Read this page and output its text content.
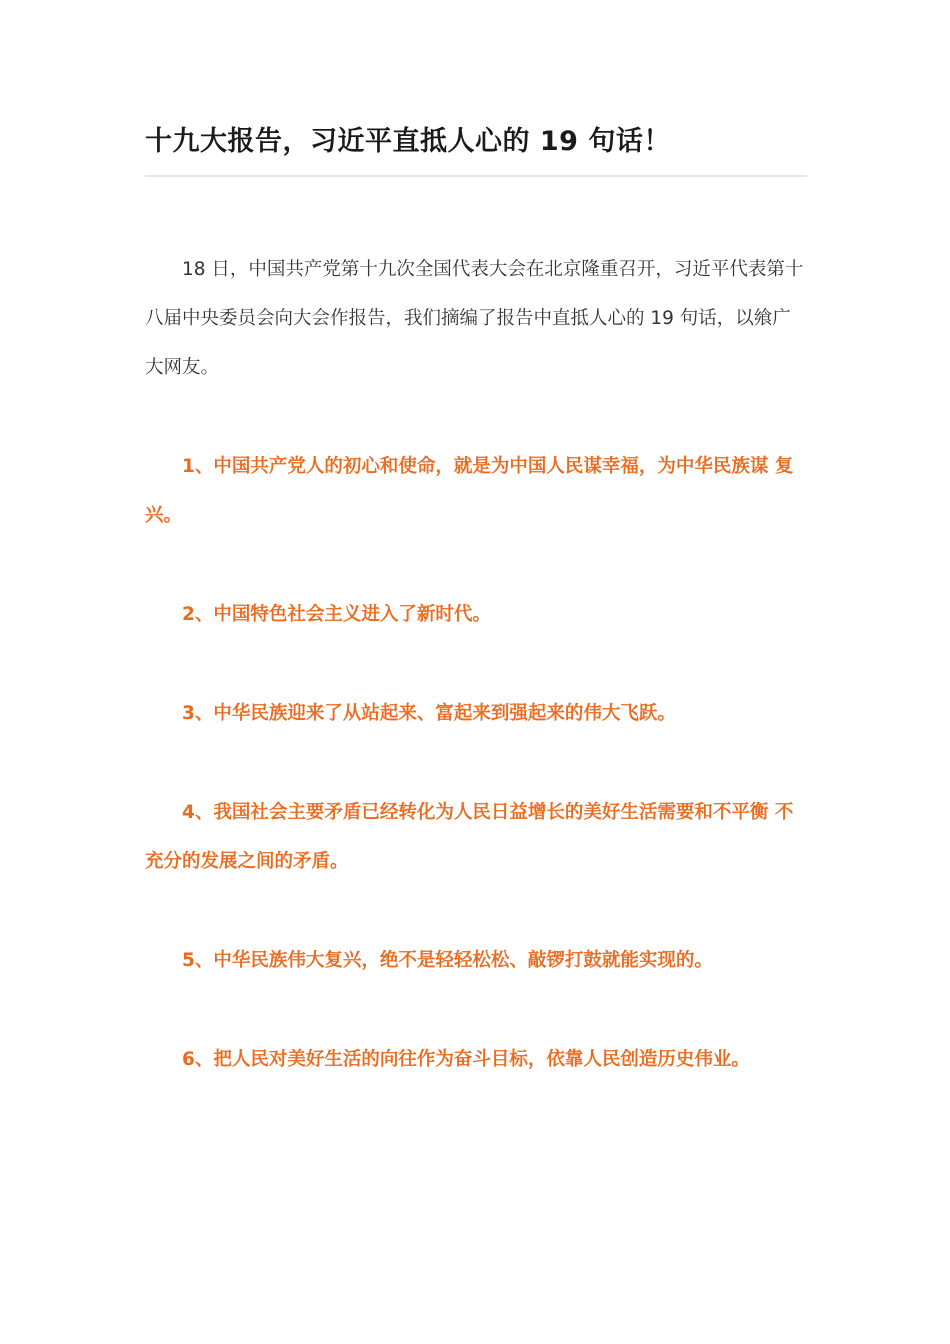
十九大报告，习近平直抵人心的 19 句话！

18 日，中国共产党第十九次全国代表大会在北京隆重召开，习近平代表第十八届中央委员会向大会作报告，我们摘编了报告中直抵人心的 19 句话，以飨广大网友。

1、中国共产党人的初心和使命，就是为中国人民谋幸福，为中华民族谋 复兴。

2、中国特色社会主义进入了新时代。

3、中华民族迎来了从站起来、富起来到强起来的伟大飞跃。

4、我国社会主要矛盾已经转化为人民日益增长的美好生活需要和不平衡 不充分的发展之间的矛盾。

5、中华民族伟大复兴，绝不是轻轻松松、敲锣打鼓就能实现的。

6、把人民对美好生活的向往作为奋斗目标，依靠人民创造历史伟业。
